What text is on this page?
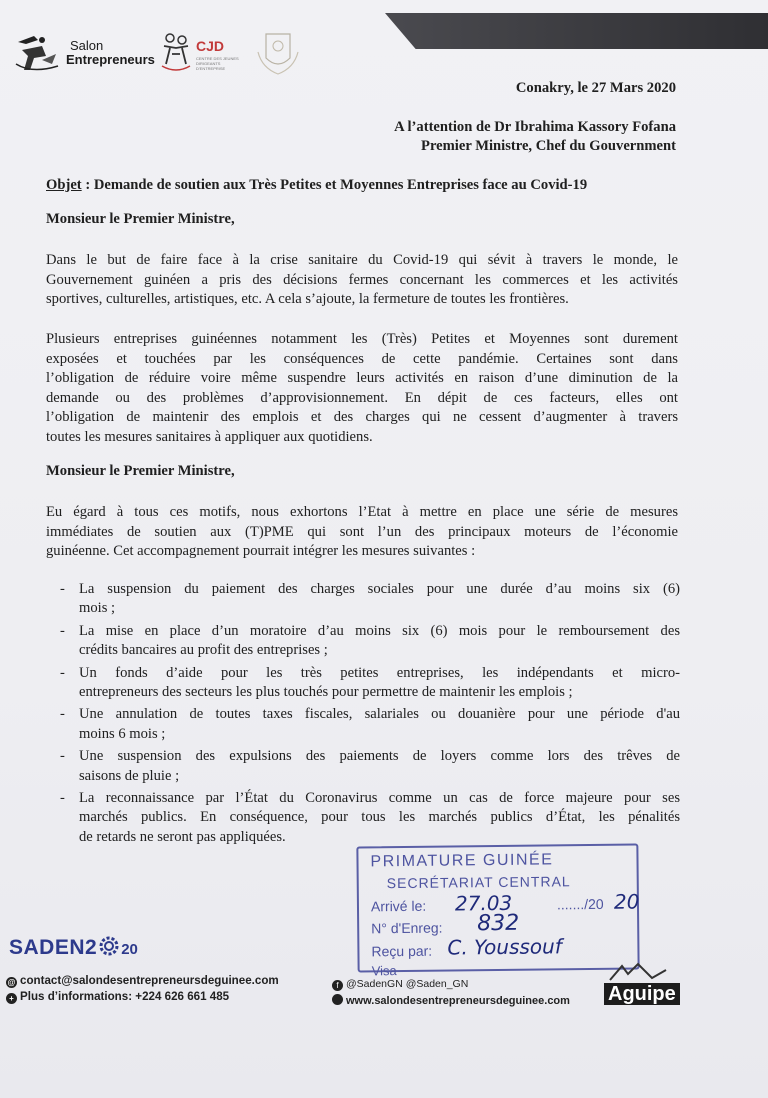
Salon
Entrepreneurs
CJD
CENTRE DES JEUNES DIRIGEANTS D'ENTREPRISE
Conakry, le 27 Mars 2020
A l’attention de Dr Ibrahima Kassory Fofana
Premier Ministre, Chef du Gouvernment
Objet : Demande de soutien aux Très Petites et Moyennes Entreprises face au Covid-19
Monsieur le Premier Ministre,
Dans le but de faire face à la crise sanitaire du Covid-19 qui sévit à travers le monde, le
Gouvernement guinéen a pris des décisions fermes concernant les commerces et les activités
sportives, culturelles, artistiques, etc. A cela s’ajoute, la fermeture de toutes les frontières.
Plusieurs entreprises guinéennes notamment les (Très) Petites et Moyennes sont durement
exposées et touchées par les conséquences de cette pandémie. Certaines sont dans
l’obligation de réduire voire même suspendre leurs activités en raison d’une diminution de la
demande ou des problèmes d’approvisionnement. En dépit de ces facteurs, elles ont
l’obligation de maintenir des emplois et des charges qui ne cessent d’augmenter à travers
toutes les mesures sanitaires à appliquer aux quotidiens.
Monsieur le Premier Ministre,
Eu égard à tous ces motifs, nous exhortons l’Etat à mettre en place une série de mesures
immédiates de soutien aux (T)PME qui sont l’un des principaux moteurs de l’économie
guinéenne. Cet accompagnement pourrait intégrer les mesures suivantes :
- La suspension du paiement des charges sociales pour une durée d’au moins six (6)
mois ;
- La mise en place d’un moratoire d’au moins six (6) mois pour le remboursement des
crédits bancaires au profit des entreprises ;
- Un fonds d’aide pour les très petites entreprises, les indépendants et micro-
entrepreneurs des secteurs les plus touchés pour permettre de maintenir les emplois ;
- Une annulation de toutes taxes fiscales, salariales ou douanière pour une période d'au
moins 6 mois ;
- Une suspension des expulsions des paiements de loyers comme lors des trêves de
saisons de pluie ;
- La reconnaissance par l’État du Coronavirus comme un cas de force majeure pour ses
marchés publics. En conséquence, pour tous les marchés publics d’État, les pénalités
de retards ne seront pas appliquées.
PRIMATURE GUINÉE
SECRÉTARIAT CENTRAL
Arrivé le: 27.03	......./20 20
N° d'Enreg: 832
Reçu par: C. Youssouf
Visa
SADEN2 20
@ contact@salondesentrepreneursdeguinee.com
+ Plus d’informations: +224 626 661 485
f @SadenGN @Saden_GN
www.salondesentrepreneursdeguinee.com Aguipe
